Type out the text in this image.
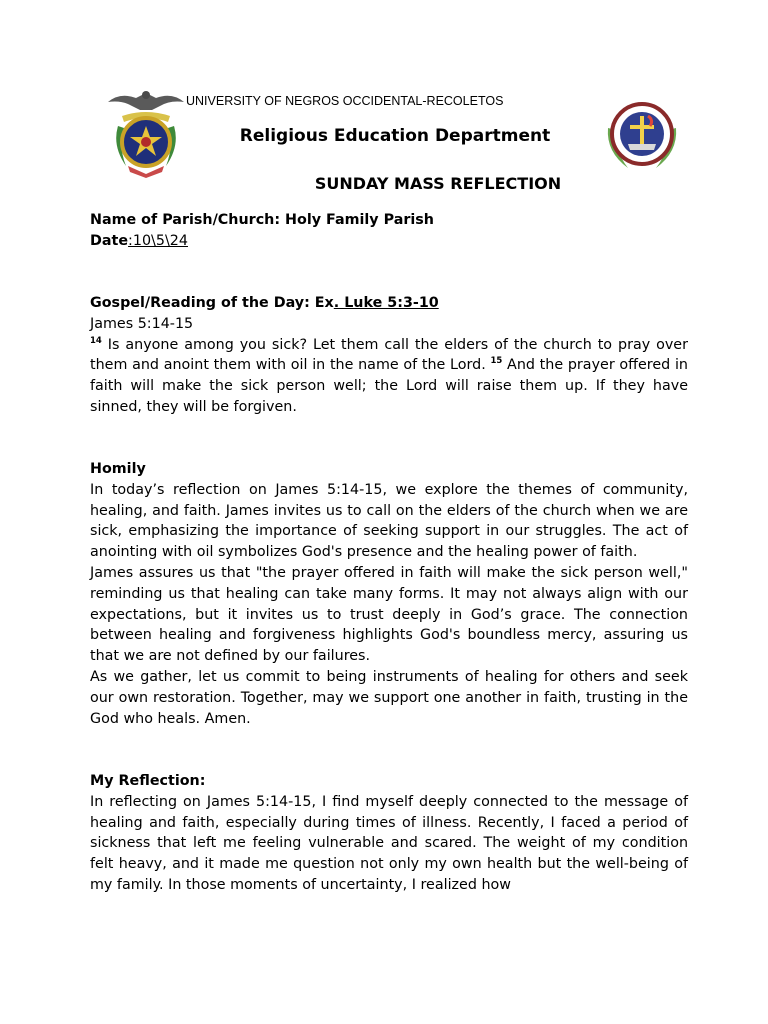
UNIVERSITY OF NEGROS OCCIDENTAL-RECOLETOS
Religious Education Department
SUNDAY MASS REFLECTION

Name of Parish/Church: Holy Family Parish

Date:10\5\24

Gospel/Reading of the Day: Ex. Luke 5:3-10

James 5:14-15

$^{14}$ Is anyone among you sick? Let them call the elders of the church to pray over them and anoint them with oil in the name of the Lord. $^{15}$ And the prayer offered in faith will make the sick person well; the Lord will raise them up. If they have sinned, they will be forgiven.

Homily

In today’s reflection on James 5:14-15, we explore the themes of community, healing, and faith. James invites us to call on the elders of the church when we are sick, emphasizing the importance of seeking support in our struggles. The act of anointing with oil symbolizes God's presence and the healing power of faith.

James assures us that "the prayer offered in faith will make the sick person well," reminding us that healing can take many forms. It may not always align with our expectations, but it invites us to trust deeply in God’s grace. The connection between healing and forgiveness highlights God's boundless mercy, assuring us that we are not defined by our failures.

As we gather, let us commit to being instruments of healing for others and seek our own restoration. Together, may we support one another in faith, trusting in the God who heals. Amen.

My Reflection:

In reflecting on James 5:14-15, I find myself deeply connected to the message of healing and faith, especially during times of illness. Recently, I faced a period of sickness that left me feeling vulnerable and scared. The weight of my condition felt heavy, and it made me question not only my own health but the well-being of my family. In those moments of uncertainty, I realized how
